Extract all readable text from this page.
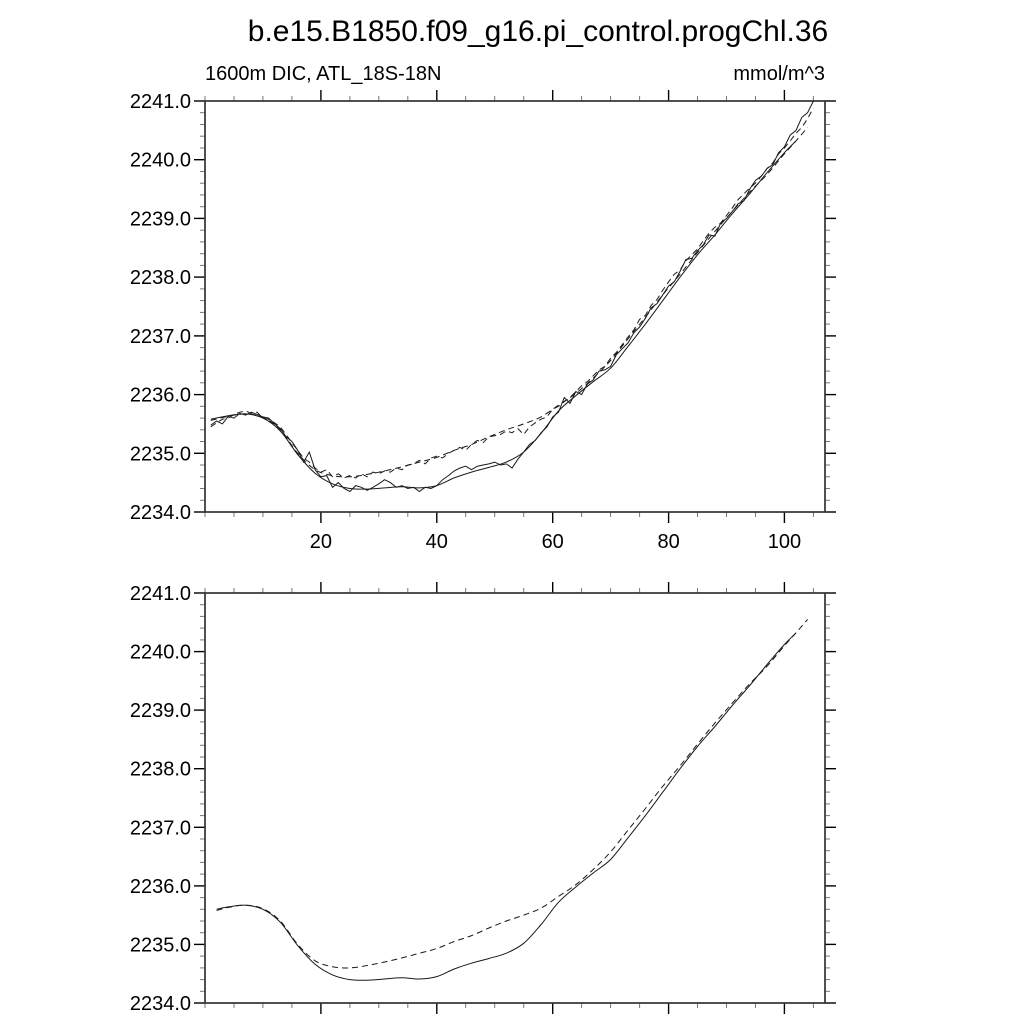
b.e15.B1850.f09_g16.pi_control.progChl.36
1600m DIC, ATL_18S-18N	mmol/m^3
20	40	60	80	100
2241.0
2240.0
2239.0
2238.0
2237.0
2236.0
2235.0
2234.0
2241.0
2240.0
2239.0
2238.0
2237.0
2236.0
2235.0
2234.0
